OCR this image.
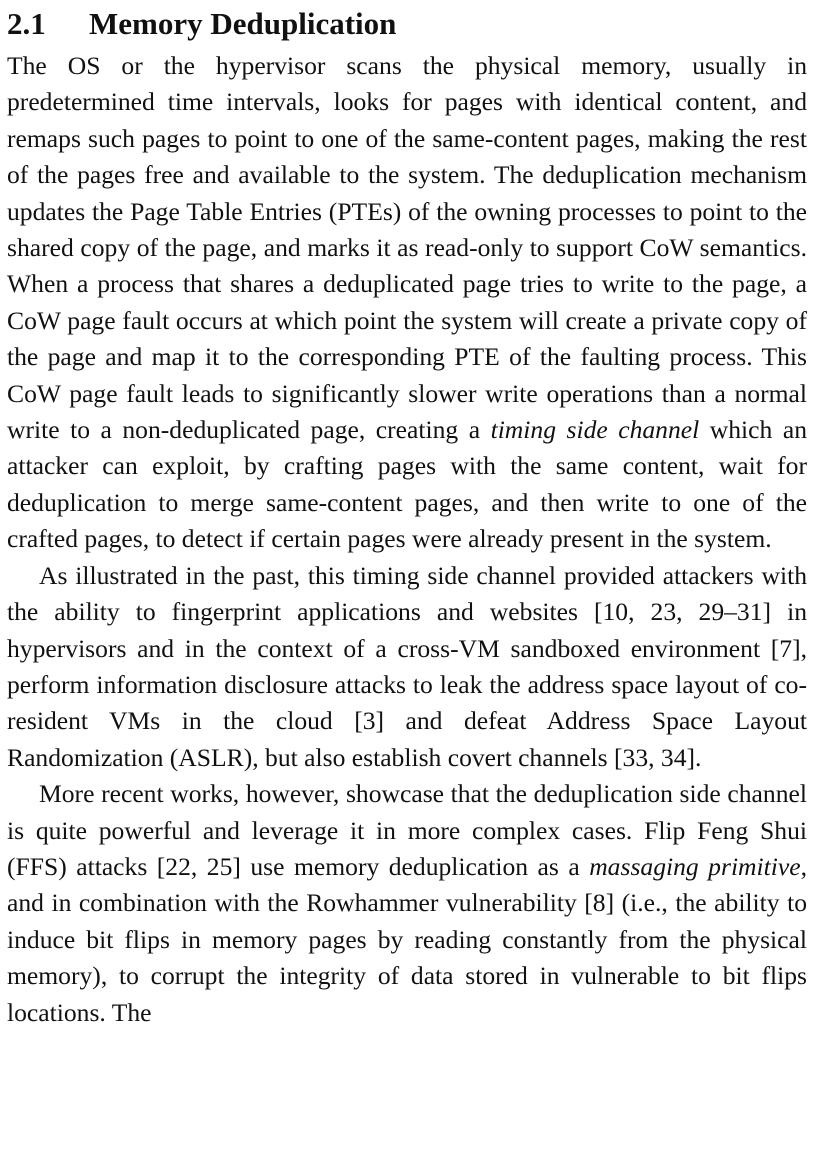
2.1 Memory Deduplication

The OS or the hypervisor scans the physical memory, usually in predetermined time intervals, looks for pages with identical content, and remaps such pages to point to one of the same-content pages, making the rest of the pages free and available to the system. The deduplication mechanism updates the Page Table Entries (PTEs) of the owning processes to point to the shared copy of the page, and marks it as read-only to support CoW semantics. When a process that shares a deduplicated page tries to write to the page, a CoW page fault occurs at which point the system will create a private copy of the page and map it to the corresponding PTE of the faulting process. This CoW page fault leads to significantly slower write operations than a normal write to a non-deduplicated page, creating a timing side channel which an attacker can exploit, by crafting pages with the same content, wait for deduplication to merge same-content pages, and then write to one of the crafted pages, to detect if certain pages were already present in the system.

As illustrated in the past, this timing side channel provided attackers with the ability to fingerprint applications and websites [10, 23, 29–31] in hypervisors and in the context of a cross-VM sandboxed environment [7], perform information disclosure attacks to leak the address space layout of co-resident VMs in the cloud [3] and defeat Address Space Layout Randomization (ASLR), but also establish covert channels [33, 34].

More recent works, however, showcase that the deduplication side channel is quite powerful and leverage it in more complex cases. Flip Feng Shui (FFS) attacks [22, 25] use memory deduplication as a massaging primitive, and in combination with the Rowhammer vulnerability [8] (i.e., the ability to induce bit flips in memory pages by reading constantly from the physical memory), to corrupt the integrity of data stored in vulnerable to bit flips locations. The
